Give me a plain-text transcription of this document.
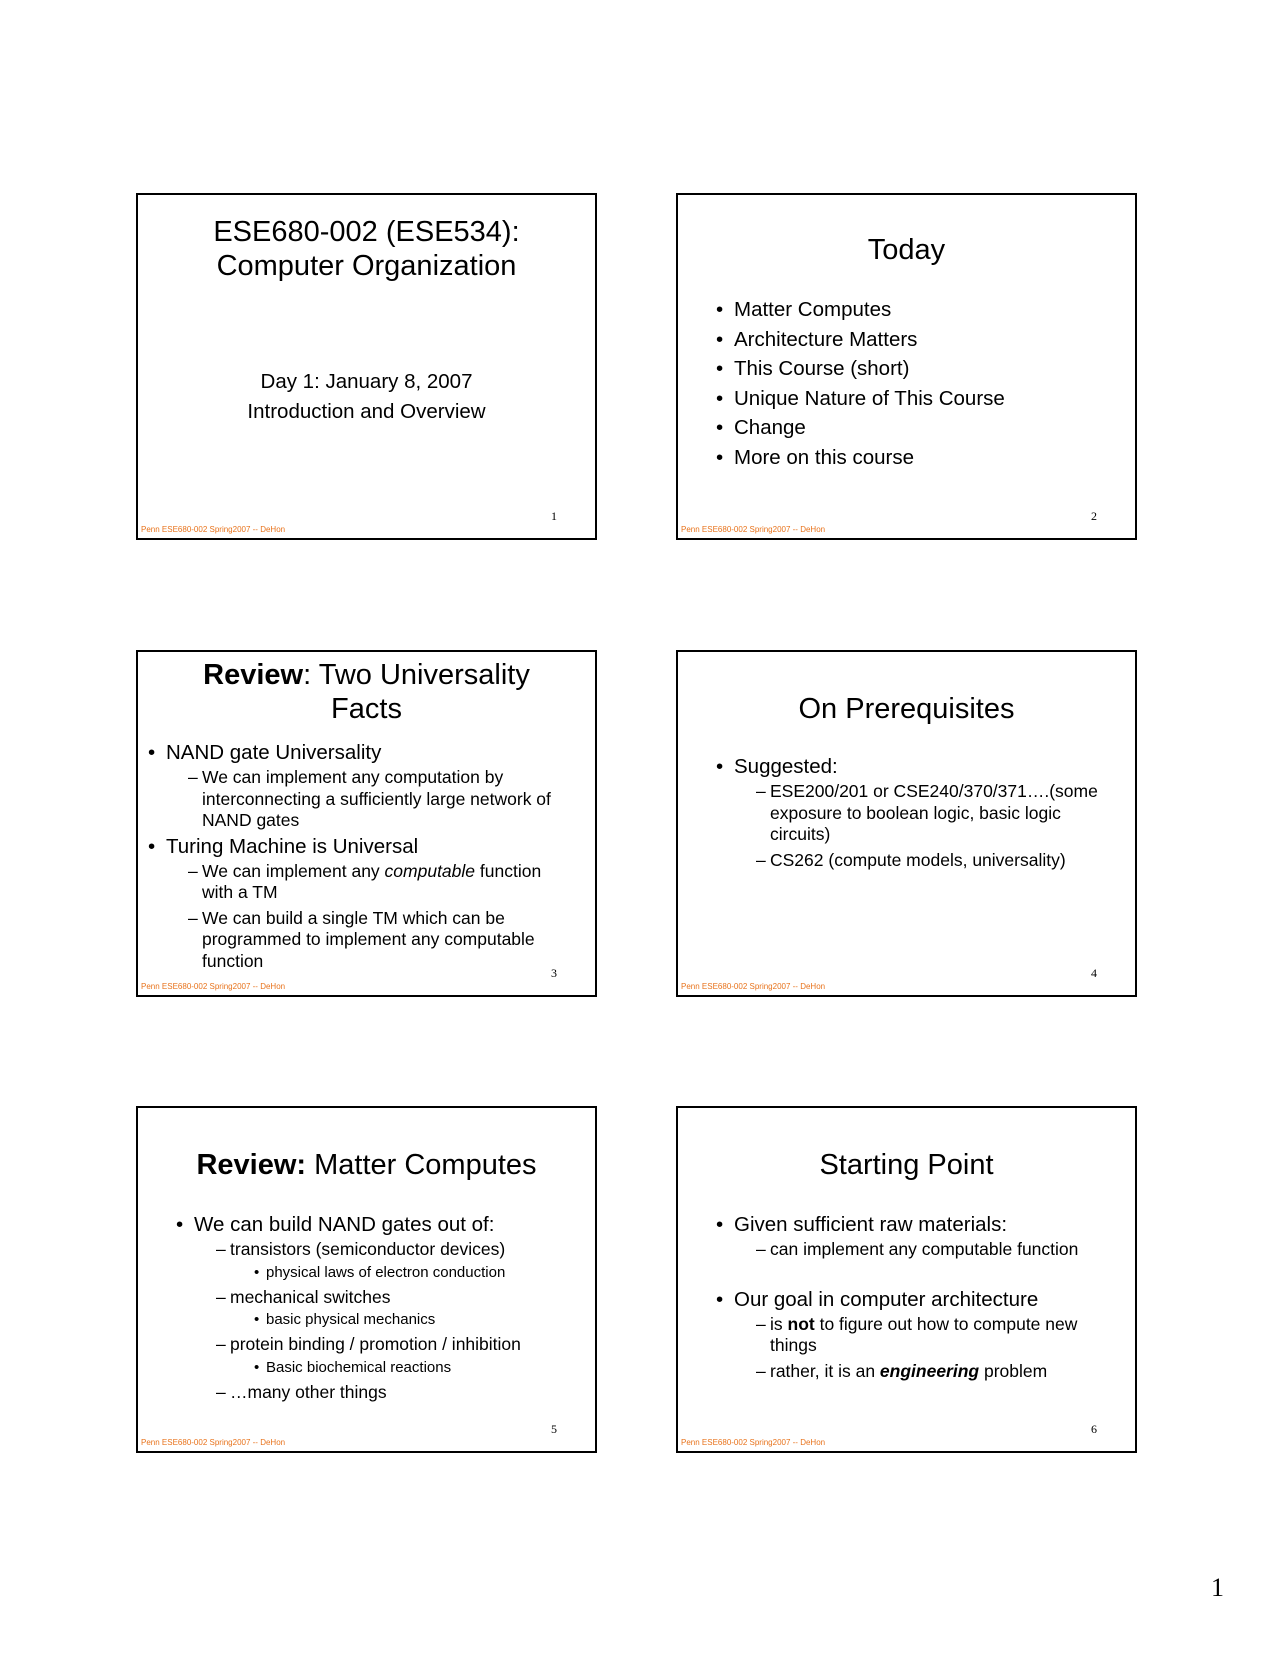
ESE680-002 (ESE534):
Computer Organization
Day 1: January 8, 2007
Introduction and Overview
1
Penn ESE680-002 Spring2007 -- DeHon
Today
• Matter Computes
• Architecture Matters
• This Course (short)
• Unique Nature of This Course
• Change
• More on this course
2
Penn ESE680-002 Spring2007 -- DeHon
Review: Two Universality
Facts
• NAND gate Universality
– We can implement any computation by interconnecting a sufficiently large network of NAND gates
• Turing Machine is Universal
– We can implement any computable function with a TM
– We can build a single TM which can be programmed to implement any computable function
3
Penn ESE680-002 Spring2007 -- DeHon
On Prerequisites
• Suggested:
– ESE200/201 or CSE240/370/371….(some exposure to boolean logic, basic logic circuits)
– CS262 (compute models, universality)
4
Penn ESE680-002 Spring2007 -- DeHon
Review: Matter Computes
• We can build NAND gates out of:
– transistors (semiconductor devices)
• physical laws of electron conduction
– mechanical switches
• basic physical mechanics
– protein binding / promotion / inhibition
• Basic biochemical reactions
– …many other things
5
Penn ESE680-002 Spring2007 -- DeHon
Starting Point
• Given sufficient raw materials:
– can implement any computable function
• Our goal in computer architecture
– is not to figure out how to compute new things
– rather, it is an engineering problem
6
Penn ESE680-002 Spring2007 -- DeHon
1
